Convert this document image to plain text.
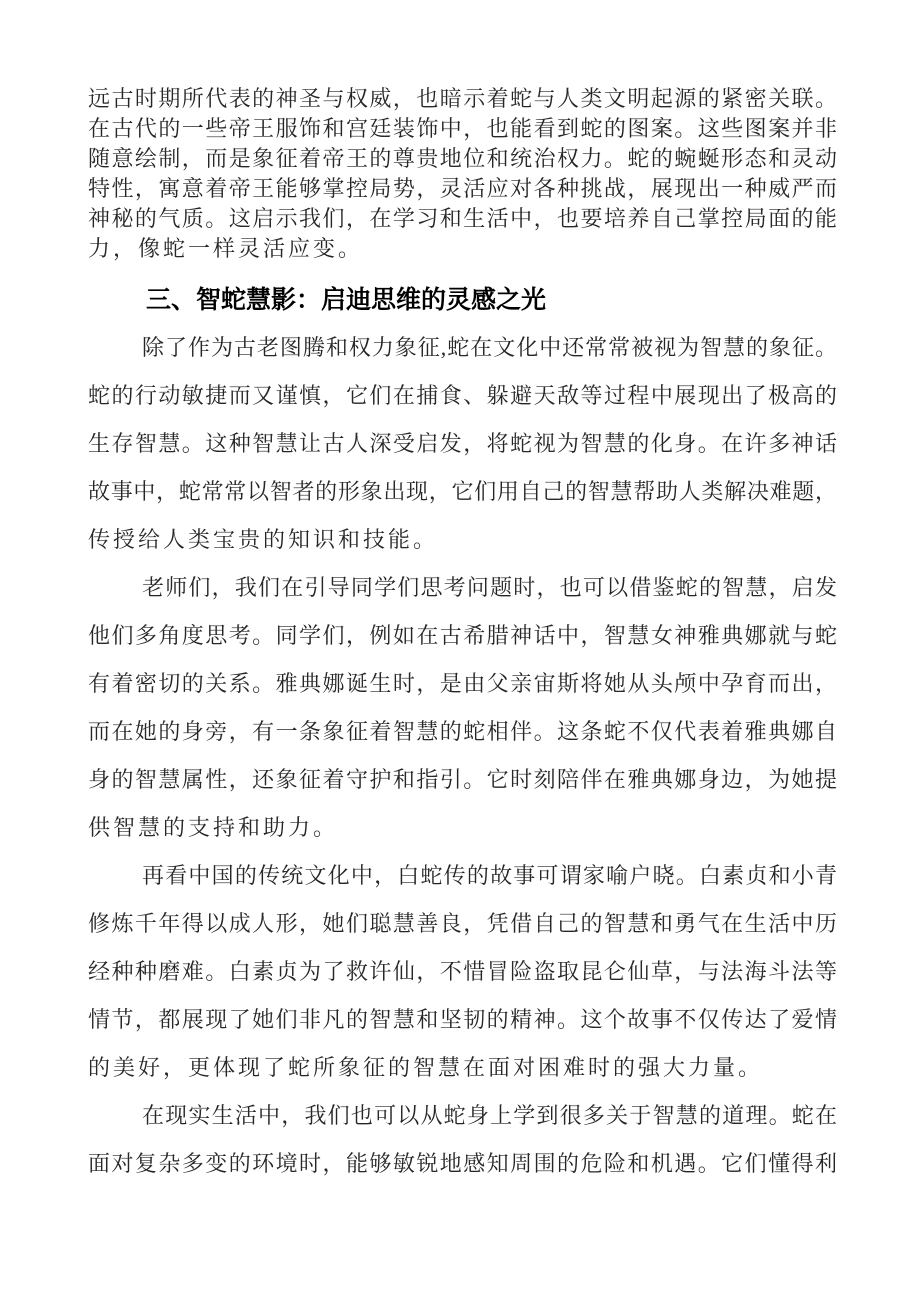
远古时期所代表的神圣与权威，也暗示着蛇与人类文明起源的紧密关联。
在古代的一些帝王服饰和宫廷装饰中，也能看到蛇的图案。这些图案并非
随意绘制，而是象征着帝王的尊贵地位和统治权力。蛇的蜿蜒形态和灵动
特性，寓意着帝王能够掌控局势，灵活应对各种挑战，展现出一种威严而
神秘的气质。这启示我们，在学习和生活中，也要培养自己掌控局面的能
力，像蛇一样灵活应变。
三、智蛇慧影：启迪思维的灵感之光
除了作为古老图腾和权力象征,蛇在文化中还常常被视为智慧的象征。
蛇的行动敏捷而又谨慎，它们在捕食、躲避天敌等过程中展现出了极高的
生存智慧。这种智慧让古人深受启发，将蛇视为智慧的化身。在许多神话
故事中，蛇常常以智者的形象出现，它们用自己的智慧帮助人类解决难题，
传授给人类宝贵的知识和技能。
老师们，我们在引导同学们思考问题时，也可以借鉴蛇的智慧，启发
他们多角度思考。同学们，例如在古希腊神话中，智慧女神雅典娜就与蛇
有着密切的关系。雅典娜诞生时，是由父亲宙斯将她从头颅中孕育而出，
而在她的身旁，有一条象征着智慧的蛇相伴。这条蛇不仅代表着雅典娜自
身的智慧属性，还象征着守护和指引。它时刻陪伴在雅典娜身边，为她提
供智慧的支持和助力。
再看中国的传统文化中，白蛇传的故事可谓家喻户晓。白素贞和小青
修炼千年得以成人形，她们聪慧善良，凭借自己的智慧和勇气在生活中历
经种种磨难。白素贞为了救许仙，不惜冒险盗取昆仑仙草，与法海斗法等
情节，都展现了她们非凡的智慧和坚韧的精神。这个故事不仅传达了爱情
的美好，更体现了蛇所象征的智慧在面对困难时的强大力量。
在现实生活中，我们也可以从蛇身上学到很多关于智慧的道理。蛇在
面对复杂多变的环境时，能够敏锐地感知周围的危险和机遇。它们懂得利
